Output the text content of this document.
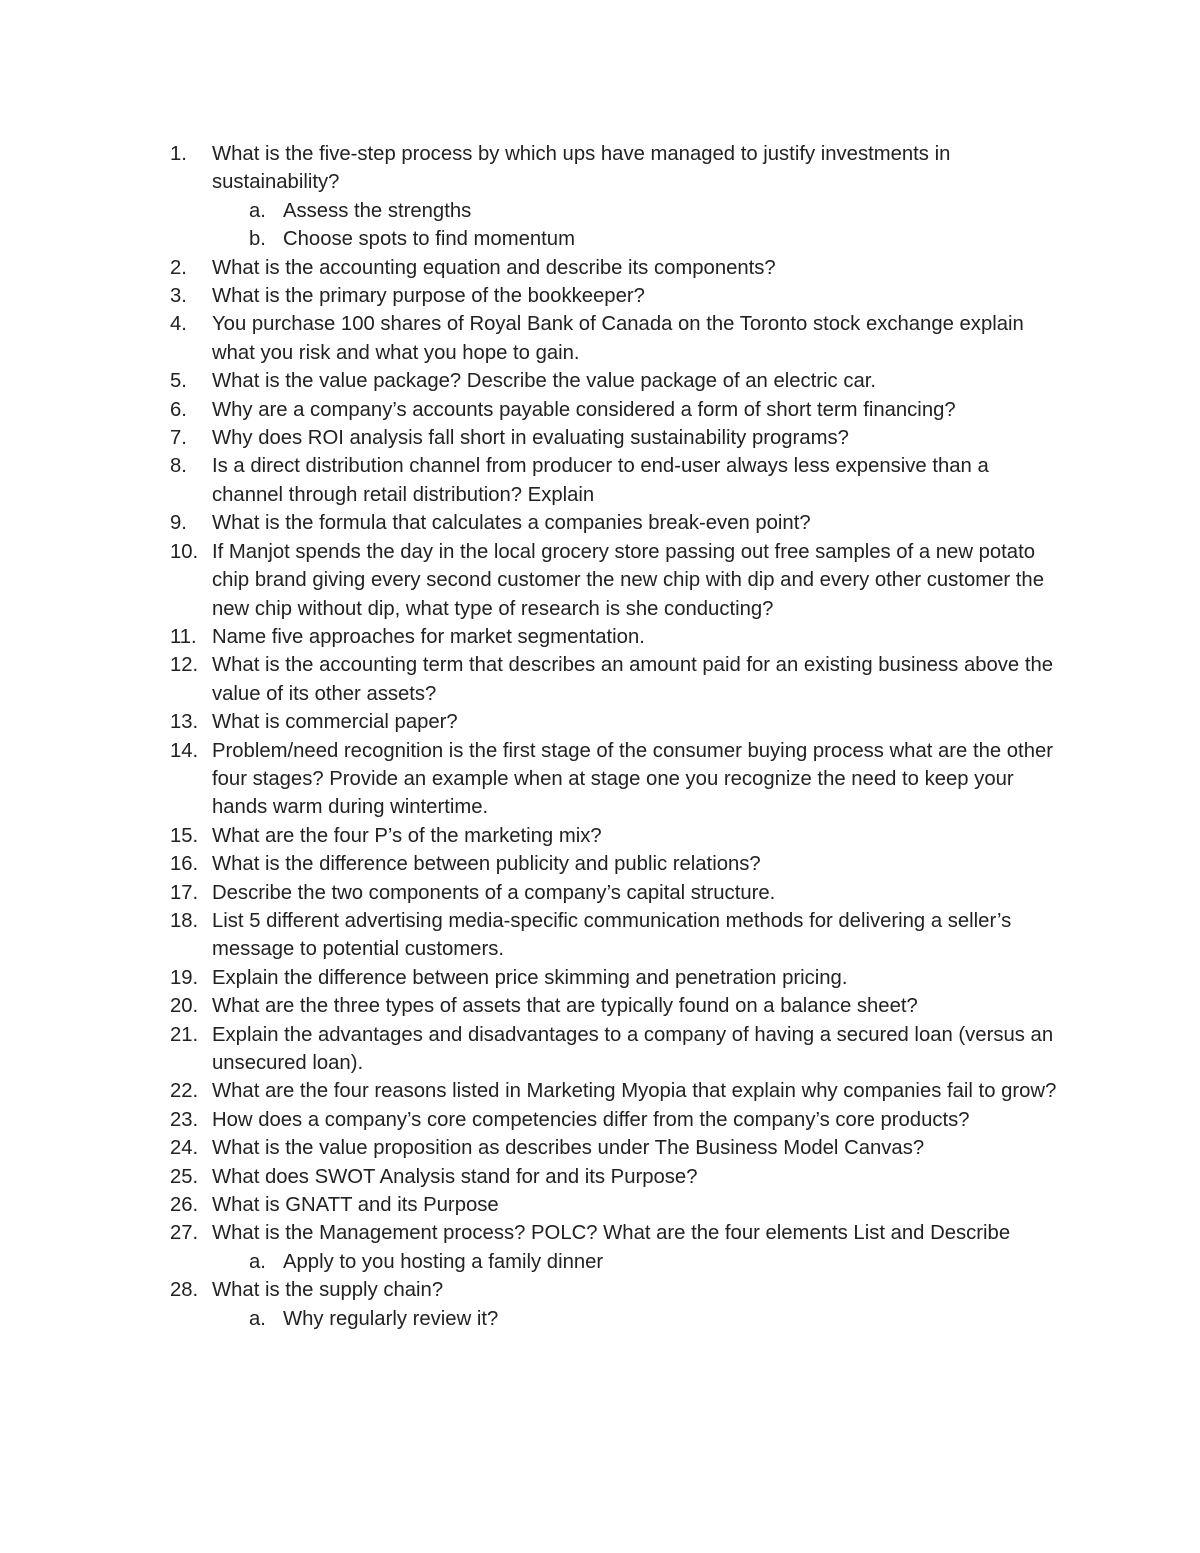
1.	What is the five-step process by which ups have managed to justify investments in sustainability?
a. Assess the strengths
b. Choose spots to find momentum
2.	What is the accounting equation and describe its components?
3.	What is the primary purpose of the bookkeeper?
4.	You purchase 100 shares of Royal Bank of Canada on the Toronto stock exchange explain what you risk and what you hope to gain.
5.	What is the value package? Describe the value package of an electric car.
6.	Why are a company’s accounts payable considered a form of short term financing?
7.	Why does ROI analysis fall short in evaluating sustainability programs?
8.	Is a direct distribution channel from producer to end-user always less expensive than a channel through retail distribution? Explain
9.	What is the formula that calculates a companies break-even point?
10. If Manjot spends the day in the local grocery store passing out free samples of a new potato chip brand giving every second customer the new chip with dip and every other customer the new chip without dip, what type of research is she conducting?
11. Name five approaches for market segmentation.
12. What is the accounting term that describes an amount paid for an existing business above the value of its other assets?
13. What is commercial paper?
14. Problem/need recognition is the first stage of the consumer buying process what are the other four stages? Provide an example when at stage one you recognize the need to keep your hands warm during wintertime.
15. What are the four P’s of the marketing mix?
16. What is the difference between publicity and public relations?
17. Describe the two components of a company’s capital structure.
18. List 5 different advertising media-specific communication methods for delivering a seller’s message to potential customers.
19. Explain the difference between price skimming and penetration pricing.
20. What are the three types of assets that are typically found on a balance sheet?
21. Explain the advantages and disadvantages to a company of having a secured loan (versus an unsecured loan).
22. What are the four reasons listed in Marketing Myopia that explain why companies fail to grow?
23. How does a company’s core competencies differ from the company’s core products?
24. What is the value proposition as describes under The Business Model Canvas?
25. What does SWOT Analysis stand for and its Purpose?
26. What is GNATT and its Purpose
27. What is the Management process? POLC? What are the four elements List and Describe
a. Apply to you hosting a family dinner
28. What is the supply chain?
a. Why regularly review it?
